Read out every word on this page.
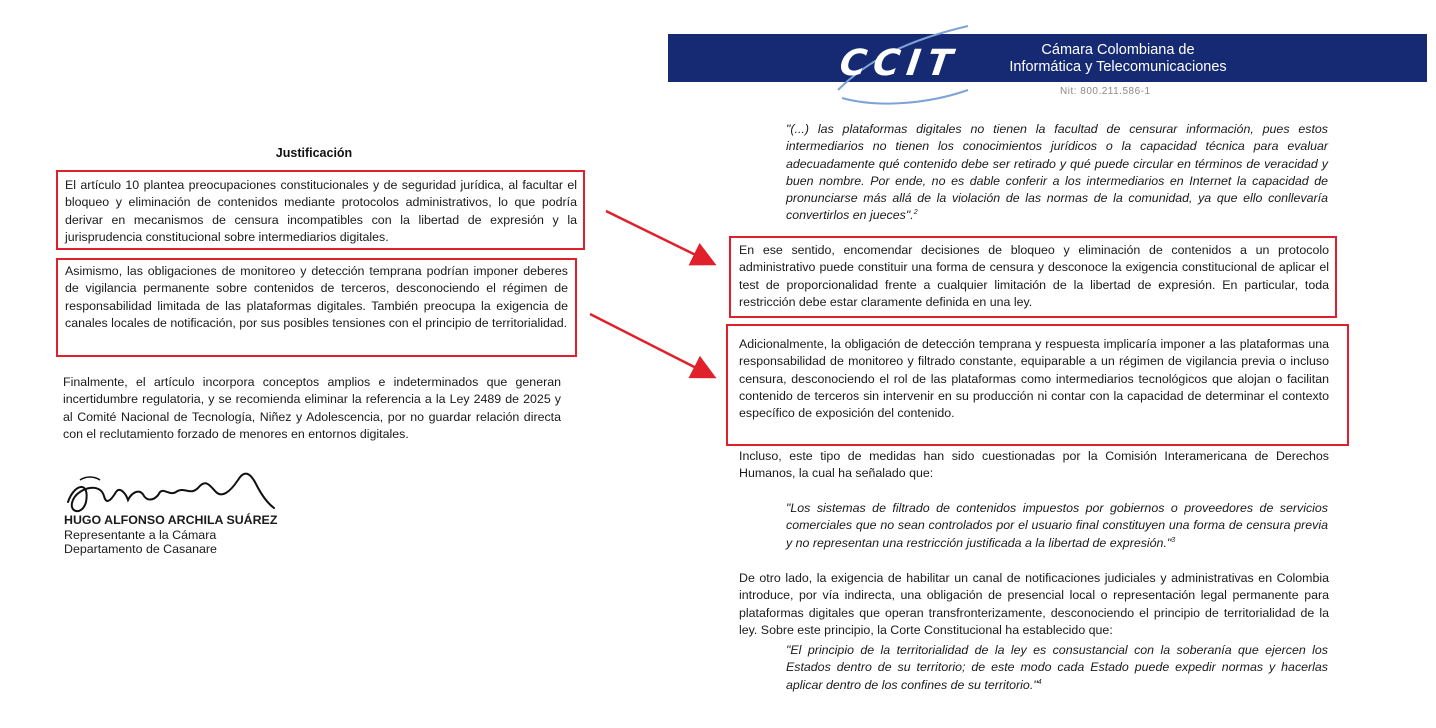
Justificación

El artículo 10 plantea preocupaciones constitucionales y de seguridad jurídica, al facultar el bloqueo y eliminación de contenidos mediante protocolos administrativos, lo que podría derivar en mecanismos de censura incompatibles con la libertad de expresión y la jurisprudencia constitucional sobre intermediarios digitales.

Asimismo, las obligaciones de monitoreo y detección temprana podrían imponer deberes de vigilancia permanente sobre contenidos de terceros, desconociendo el régimen de responsabilidad limitada de las plataformas digitales. También preocupa la exigencia de canales locales de notificación, por sus posibles tensiones con el principio de territorialidad.

Finalmente, el artículo incorpora conceptos amplios e indeterminados que generan incertidumbre regulatoria, y se recomienda eliminar la referencia a la Ley 2489 de 2025 y al Comité Nacional de Tecnología, Niñez y Adolescencia, por no guardar relación directa con el reclutamiento forzado de menores en entornos digitales.

HUGO ALFONSO ARCHILA SUÁREZ
Representante a la Cámara
Departamento de Casanare
CCIT	Cámara Colombiana de
Informática y Telecomunicaciones
Nit: 800.211.586-1

"(...) las plataformas digitales no tienen la facultad de censurar información, pues estos intermediarios no tienen los conocimientos jurídicos o la capacidad técnica para evaluar adecuadamente qué contenido debe ser retirado y qué puede circular en términos de veracidad y buen nombre. Por ende, no es dable conferir a los intermediarios en Internet la capacidad de pronunciarse más allá de la violación de las normas de la comunidad, ya que ello conllevaría convertirlos en jueces".$^2$

En ese sentido, encomendar decisiones de bloqueo y eliminación de contenidos a un protocolo administrativo puede constituir una forma de censura y desconoce la exigencia constitucional de aplicar el test de proporcionalidad frente a cualquier limitación de la libertad de expresión. En particular, toda restricción debe estar claramente definida en una ley.

Adicionalmente, la obligación de detección temprana y respuesta implicaría imponer a las plataformas una responsabilidad de monitoreo y filtrado constante, equiparable a un régimen de vigilancia previa o incluso censura, desconociendo el rol de las plataformas como intermediarios tecnológicos que alojan o facilitan contenido de terceros sin intervenir en su producción ni contar con la capacidad de determinar el contexto específico de exposición del contenido.

Incluso, este tipo de medidas han sido cuestionadas por la Comisión Interamericana de Derechos Humanos, la cual ha señalado que:

"Los sistemas de filtrado de contenidos impuestos por gobiernos o proveedores de servicios comerciales que no sean controlados por el usuario final constituyen una forma de censura previa y no representan una restricción justificada a la libertad de expresión."$^3$

De otro lado, la exigencia de habilitar un canal de notificaciones judiciales y administrativas en Colombia introduce, por vía indirecta, una obligación de presencial local o representación legal permanente para plataformas digitales que operan transfronterizamente, desconociendo el principio de territorialidad de la ley. Sobre este principio, la Corte Constitucional ha establecido que:

"El principio de la territorialidad de la ley es consustancial con la soberanía que ejercen los Estados dentro de su territorio; de este modo cada Estado puede expedir normas y hacerlas aplicar dentro de los confines de su territorio."$^4$
